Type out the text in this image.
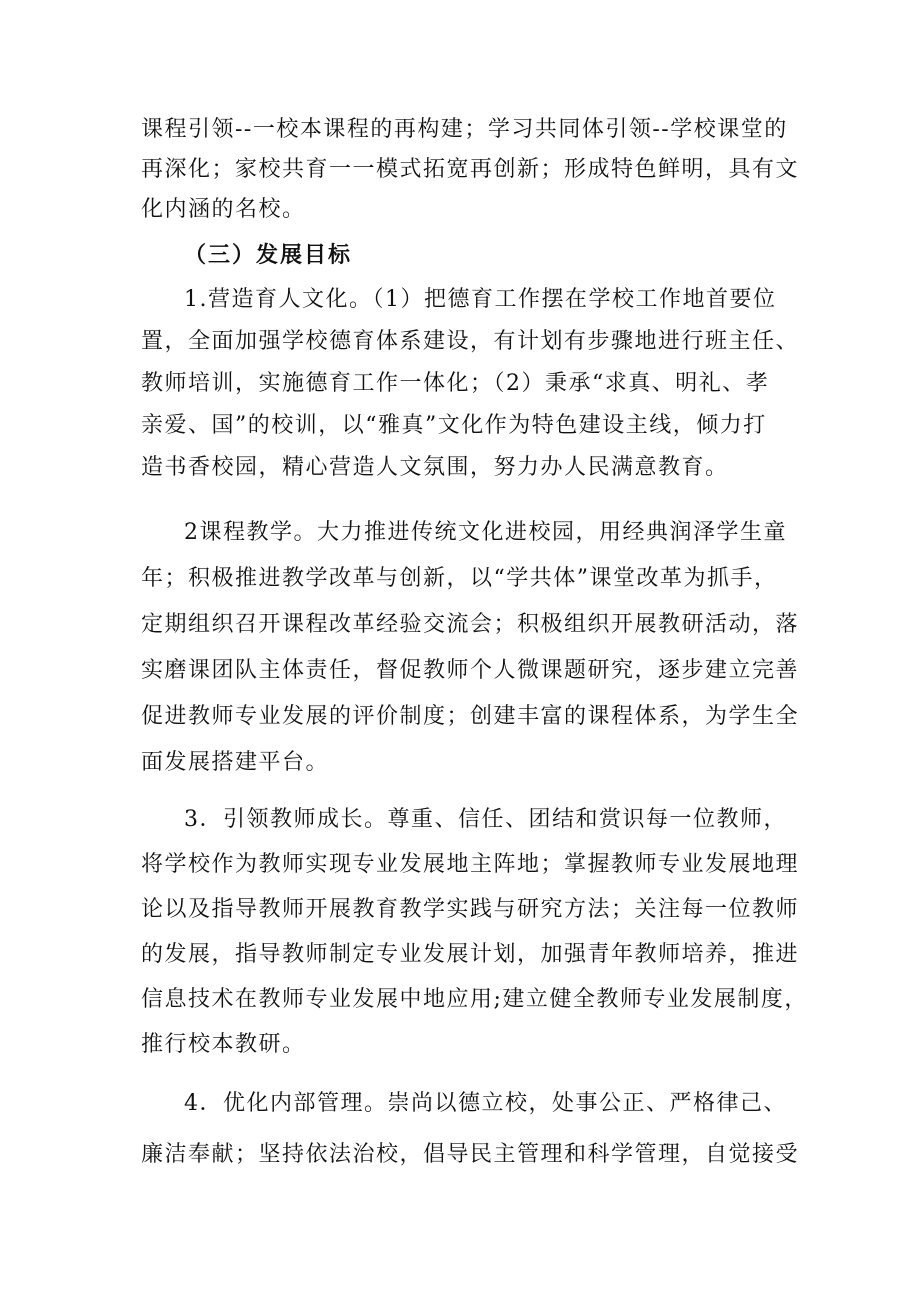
课程引领--一校本课程的再构建；学习共同体引领--学校课堂的
再深化；家校共育一一模式拓宽再创新；形成特色鲜明，具有文
化内涵的名校。
（三）发展目标
1.营造育人文化。（1）把德育工作摆在学校工作地首要位
置，全面加强学校德育体系建设，有计划有步骤地进行班主任、
教师培训，实施德育工作一体化；（2）秉承“求真、明礼、孝
亲爱、国”的校训，以“雅真”文化作为特色建设主线，倾力打
造书香校园，精心营造人文氛围，努力办人民满意教育。
2课程教学。大力推进传统文化进校园，用经典润泽学生童
年；积极推进教学改革与创新，以“学共体”课堂改革为抓手，
定期组织召开课程改革经验交流会；积极组织开展教研活动，落
实磨课团队主体责任，督促教师个人微课题研究，逐步建立完善
促进教师专业发展的评价制度；创建丰富的课程体系，为学生全
面发展搭建平台。
3．引领教师成长。尊重、信任、团结和赏识每一位教师，
将学校作为教师实现专业发展地主阵地；掌握教师专业发展地理
论以及指导教师开展教育教学实践与研究方法；关注每一位教师
的发展，指导教师制定专业发展计划，加强青年教师培养，推进
信息技术在教师专业发展中地应用;建立健全教师专业发展制度，
推行校本教研。
4．优化内部管理。崇尚以德立校，处事公正、严格律己、
廉洁奉献；坚持依法治校，倡导民主管理和科学管理，自觉接受
